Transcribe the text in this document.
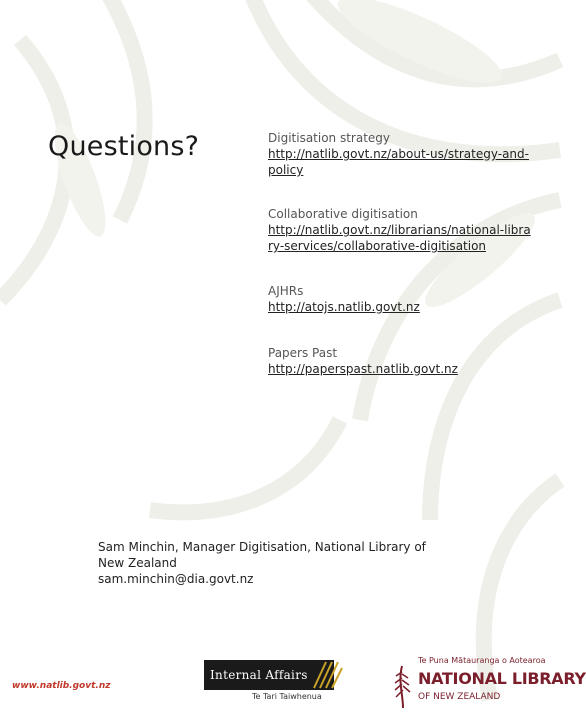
Questions?	Digitisation strategy
http://natlib.govt.nz/about-us/strategy-and-policy
Collaborative digitisation
http://natlib.govt.nz/librarians/national-library-services/collaborative-digitisation
AJHRs
http://atojs.natlib.govt.nz
Papers Past
http://paperspast.natlib.govt.nz
Sam Minchin, Manager Digitisation, National Library of New Zealand
sam.minchin@dia.govt.nz
www.natlib.govt.nz
Internal Affairs
Te Tari Taiwhenua
Te Puna Mātauranga o Aotearoa
NATIONAL LIBRARY
OF NEW ZEALAND
